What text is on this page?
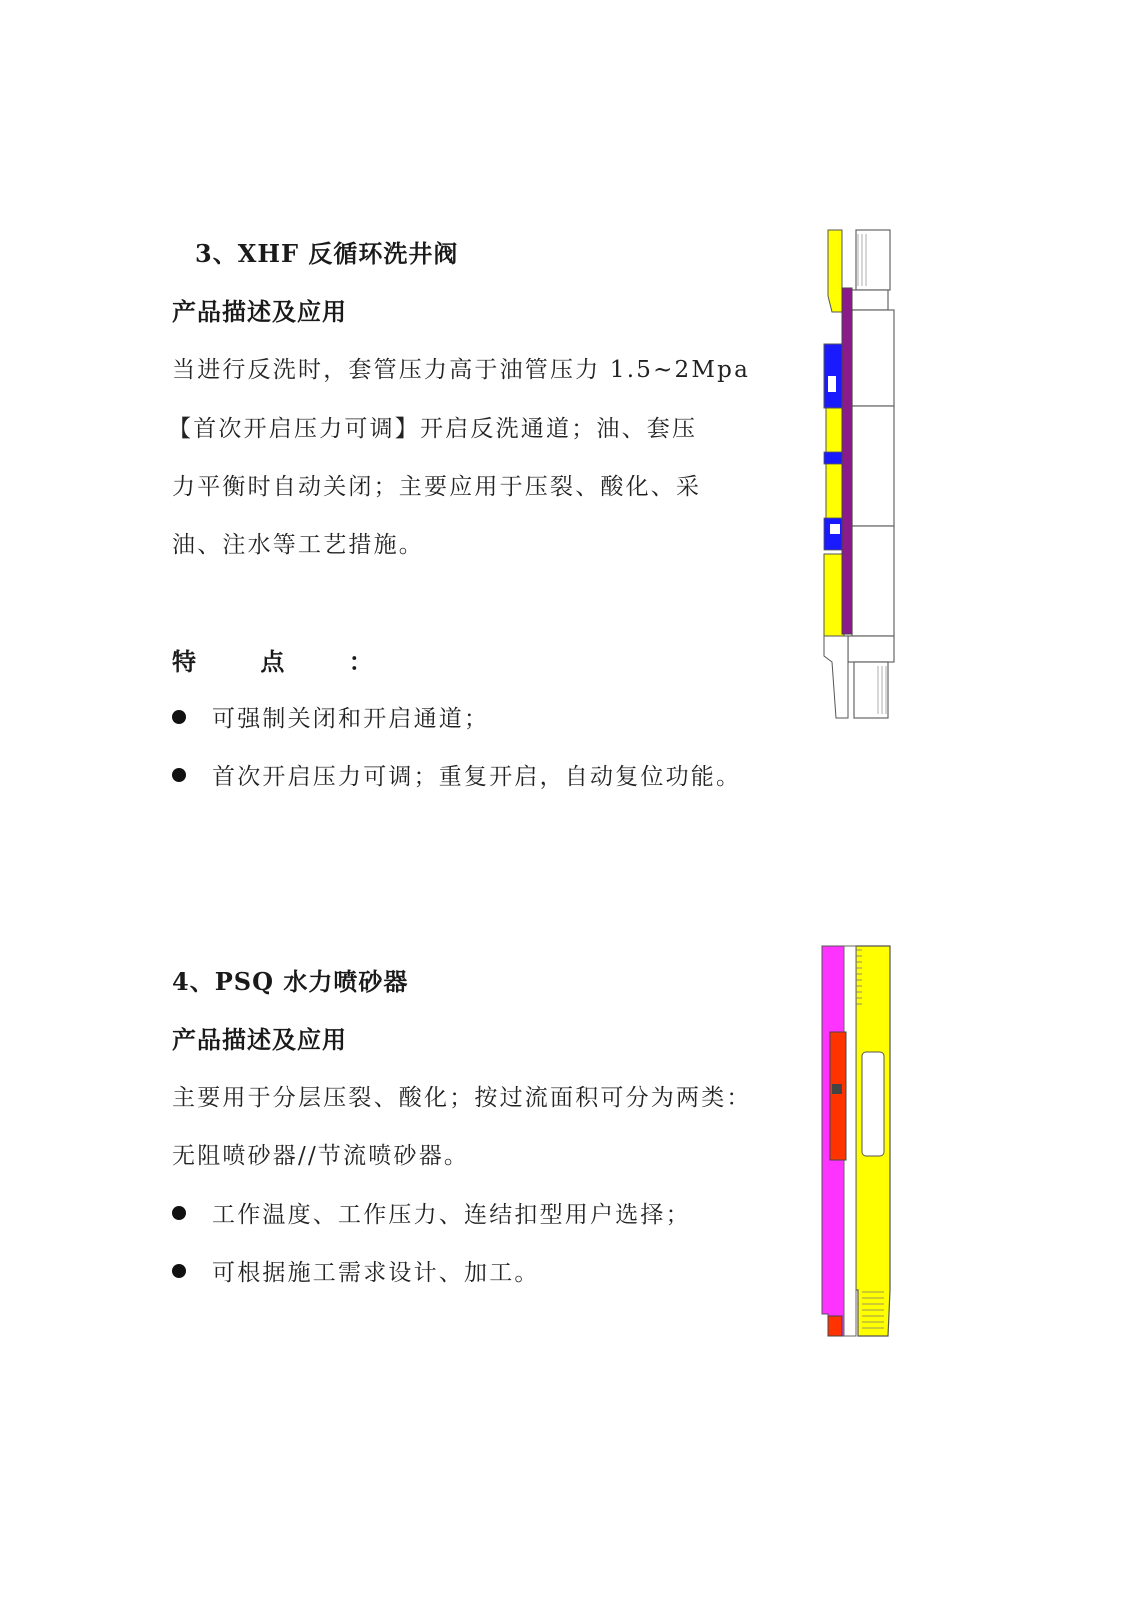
3、XHF 反循环洗井阀
产品描述及应用
当进行反洗时，套管压力高于油管压力 1.5~2Mpa
【首次开启压力可调】开启反洗通道；油、套压
力平衡时自动关闭；主要应用于压裂、酸化、采
油、注水等工艺措施。
特 点 ：
可强制关闭和开启通道；
首次开启压力可调；重复开启，自动复位功能。
4、PSQ 水力喷砂器
产品描述及应用
主要用于分层压裂、酸化；按过流面积可分为两类：
无阻喷砂器//节流喷砂器。
工作温度、工作压力、连结扣型用户选择；
可根据施工需求设计、加工。
